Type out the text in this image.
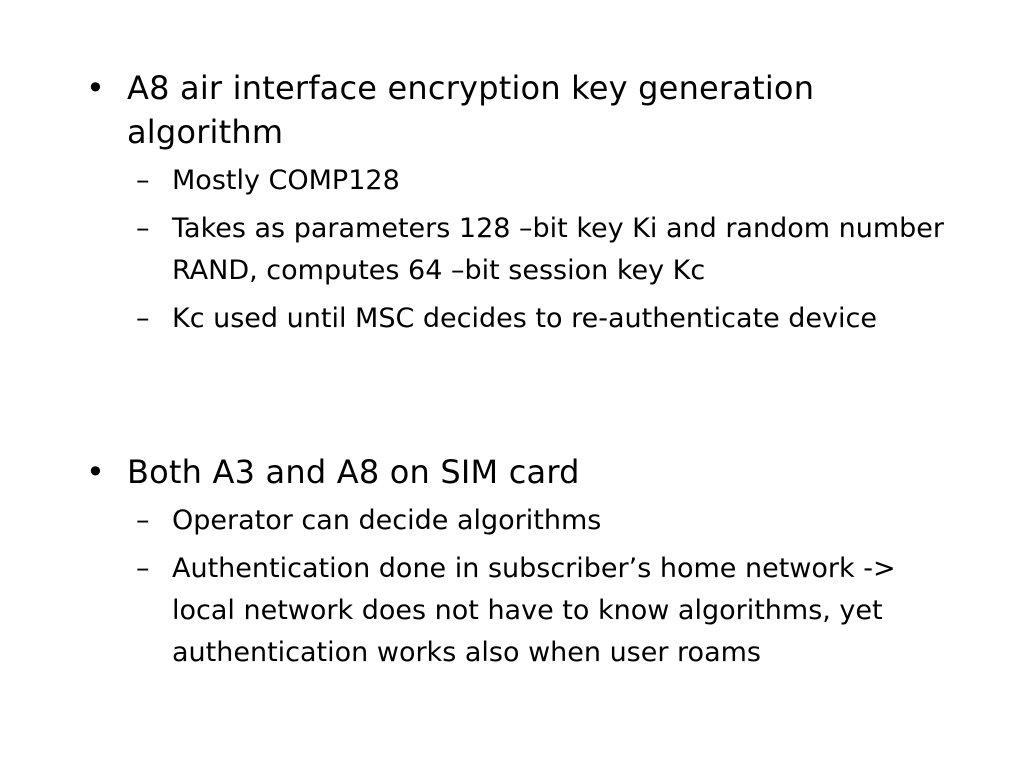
• A8 air interface encryption key generation algorithm
– Mostly COMP128
– Takes as parameters 128 –bit key Ki and random number RAND, computes 64 –bit session key Kc
– Kc used until MSC decides to re-authenticate device
• Both A3 and A8 on SIM card
– Operator can decide algorithms
– Authentication done in subscriber’s home network -> local network does not have to know algorithms, yet authentication works also when user roams
